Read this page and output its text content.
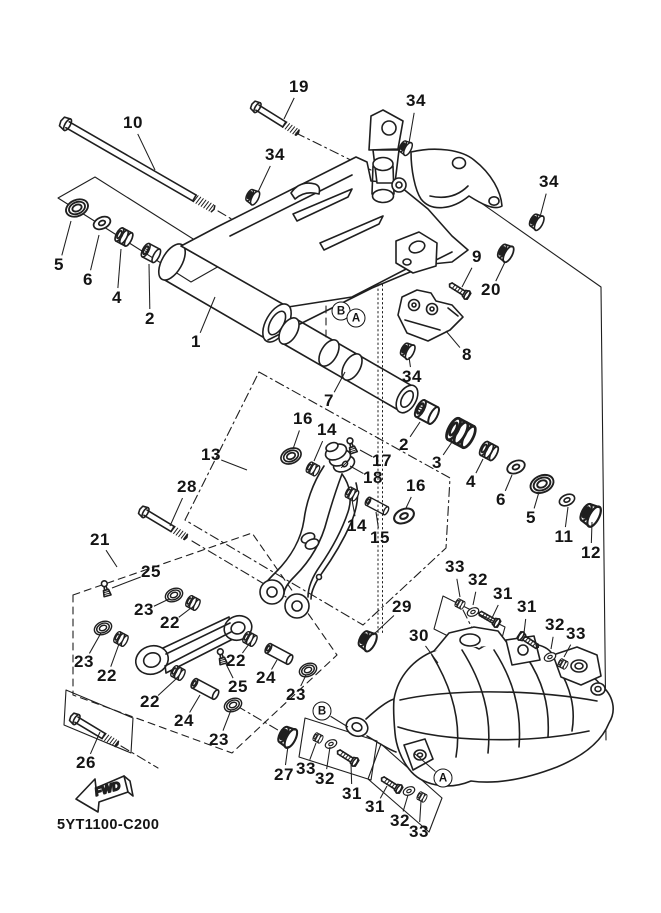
FWD
19
10
34
34
34
5
6
4
2
1
9
20
8
34
7
2
3
4
6
5
11
12
13
16
14
17
18
14
15
16
28
21
25
23
22
23
22
22
24
23
22
24
23
25
26
27 33
32
31
31
32
33
29
30
33
32
31
31
32 33
B
A
B
A
5YT1100-C200
